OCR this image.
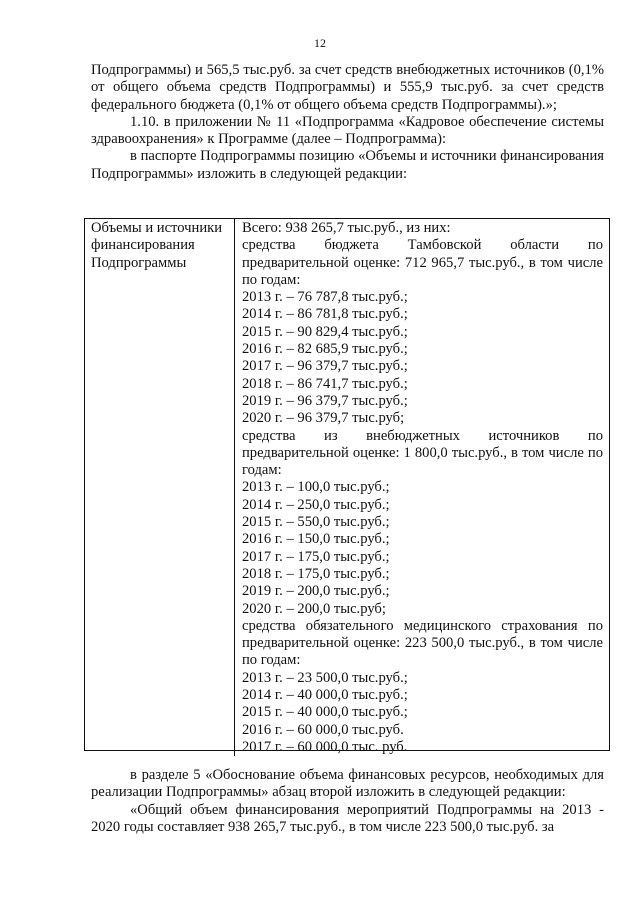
12

Подпрограммы) и 565,5 тыс.руб. за счет средств внебюджетных источников (0,1% от общего объема средств Подпрограммы) и 555,9 тыс.руб. за счет средств федерального бюджета (0,1% от общего объема средств Подпрограммы).»;

1.10. в приложении № 11 «Подпрограмма «Кадровое обеспечение системы здравоохранения» к Программе (далее – Подпрограмма):

в паспорте Подпрограммы позицию «Объемы и источники финансирования Подпрограммы» изложить в следующей редакции:

Объемы и источники финансирования Подпрограммы
Всего: 938 265,7 тыс.руб., из них:

средства бюджета Тамбовской области по предварительной оценке: 712 965,7 тыс.руб., в том числе по годам:

2013 г. – 76 787,8 тыс.руб.;
2014 г. – 86 781,8 тыс.руб.;
2015 г. – 90 829,4 тыс.руб.;
2016 г. – 82 685,9 тыс.руб.;
2017 г. – 96 379,7 тыс.руб.;
2018 г. – 86 741,7 тыс.руб.;
2019 г. – 96 379,7 тыс.руб.;
2020 г. – 96 379,7 тыс.руб;

средства из внебюджетных источников по предварительной оценке: 1 800,0 тыс.руб., в том числе по годам:

2013 г. – 100,0 тыс.руб.;
2014 г. – 250,0 тыс.руб.;
2015 г. – 550,0 тыс.руб.;
2016 г. – 150,0 тыс.руб.;
2017 г. – 175,0 тыс.руб.;
2018 г. – 175,0 тыс.руб.;
2019 г. – 200,0 тыс.руб.;
2020 г. – 200,0 тыс.руб;

средства обязательного медицинского страхования по предварительной оценке: 223 500,0 тыс.руб., в том числе по годам:

2013 г. – 23 500,0 тыс.руб.;
2014 г. – 40 000,0 тыс.руб.;
2015 г. – 40 000,0 тыс.руб.;
2016 г. – 60 000,0 тыс.руб.
2017 г. – 60 000,0 тыс. руб.

в разделе 5 «Обоснование объема финансовых ресурсов, необходимых для реализации Подпрограммы» абзац второй изложить в следующей редакции:

«Общий объем финансирования мероприятий Подпрограммы на 2013 - 2020 годы составляет 938 265,7 тыс.руб., в том числе 223 500,0 тыс.руб. за
